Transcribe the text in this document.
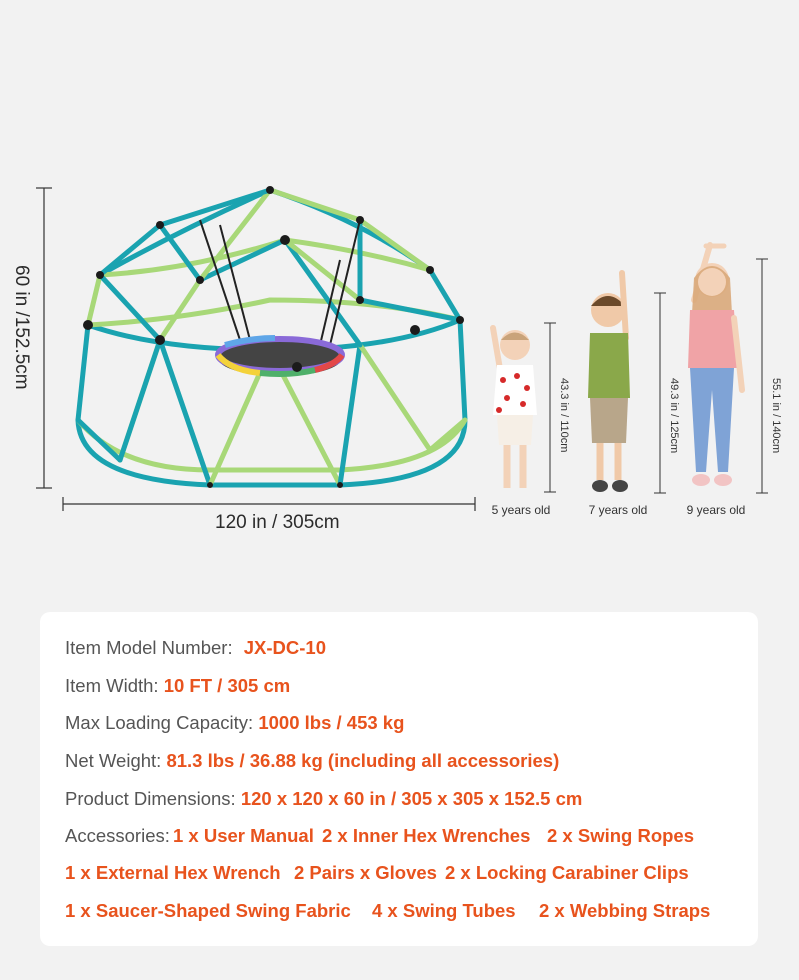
60 in /152.5cm
120 in / 305cm
43.3 in / 110cm
5 years old
49.3 in / 125cm
7 years old
55.1 in / 140cm
9 years old
Item Model Number: JX-DC-10
Item Width: 10 FT / 305 cm
Max Loading Capacity: 1000 lbs / 453 kg
Net Weight: 81.3 lbs / 36.88 kg (including all accessories)
Product Dimensions: 120 x 120 x 60 in / 305 x 305 x 152.5 cm
Accessories: 1 x User Manual 2 x Inner Hex Wrenches 2 x Swing Ropes
1 x External Hex Wrench 2 Pairs x Gloves 2 x Locking Carabiner Clips
1 x Saucer-Shaped Swing Fabric 4 x Swing Tubes 2 x Webbing Straps
